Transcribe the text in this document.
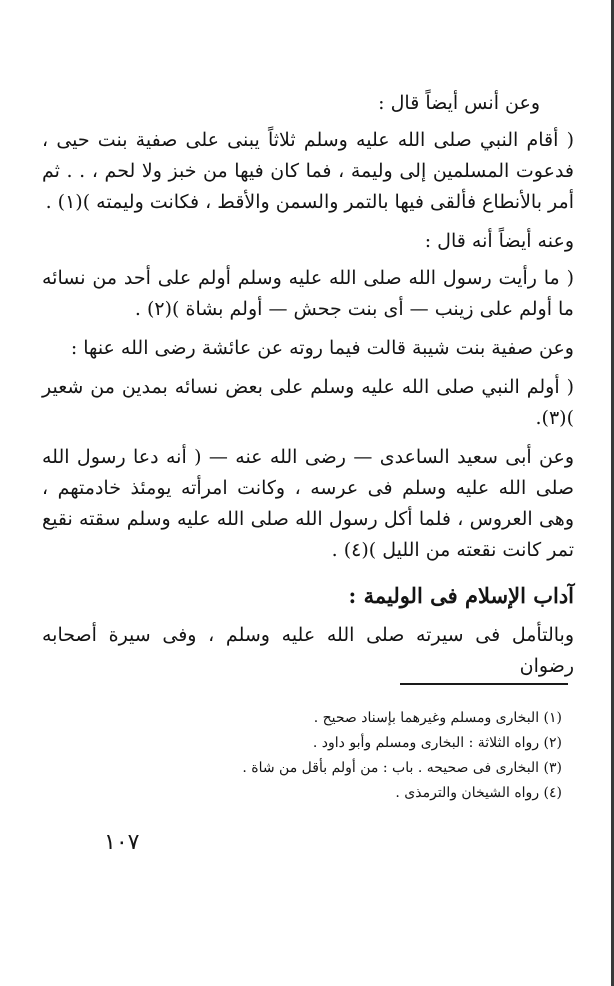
وعن أنس أيضاً قال :

( أقام النبي صلى الله عليه وسلم ثلاثاً يبنى على صفية بنت حيى ، فدعوت المسلمين إلى وليمة ، فما كان فيها من خبز ولا لحم ، . . ثم أمر بالأنطاع فألقى فيها بالتمر والسمن والأقط ، فكانت وليمته )(١) .

وعنه أيضاً أنه قال :

( ما رأيت رسول الله صلى الله عليه وسلم أولم على أحد من نسائه ما أولم على زينب — أى بنت جحش — أولم بشاة )(٢) .

وعن صفية بنت شيبة قالت فيما روته عن عائشة رضى الله عنها :

( أولم النبي صلى الله عليه وسلم على بعض نسائه بمدين من شعير )(٣).

وعن أبى سعيد الساعدى — رضى الله عنه — ( أنه دعا رسول الله صلى الله عليه وسلم فى عرسه ، وكانت امرأته يومئذ خادمتهم ، وهى العروس ، فلما أكل رسول الله صلى الله عليه وسلم سقته نقيع تمر كانت نقعته من الليل )(٤) .

آداب الإسلام فى الوليمة :

وبالتأمل فى سيرته صلى الله عليه وسلم ، وفى سيرة أصحابه رضوان

(١) البخارى ومسلم وغيرهما بإسناد صحيح .

(٢) رواه الثلاثة : البخارى ومسلم وأبو داود .

(٣) البخارى فى صحيحه . باب : من أولم بأقل من شاة .

(٤) رواه الشيخان والترمذى .

١٠٧
